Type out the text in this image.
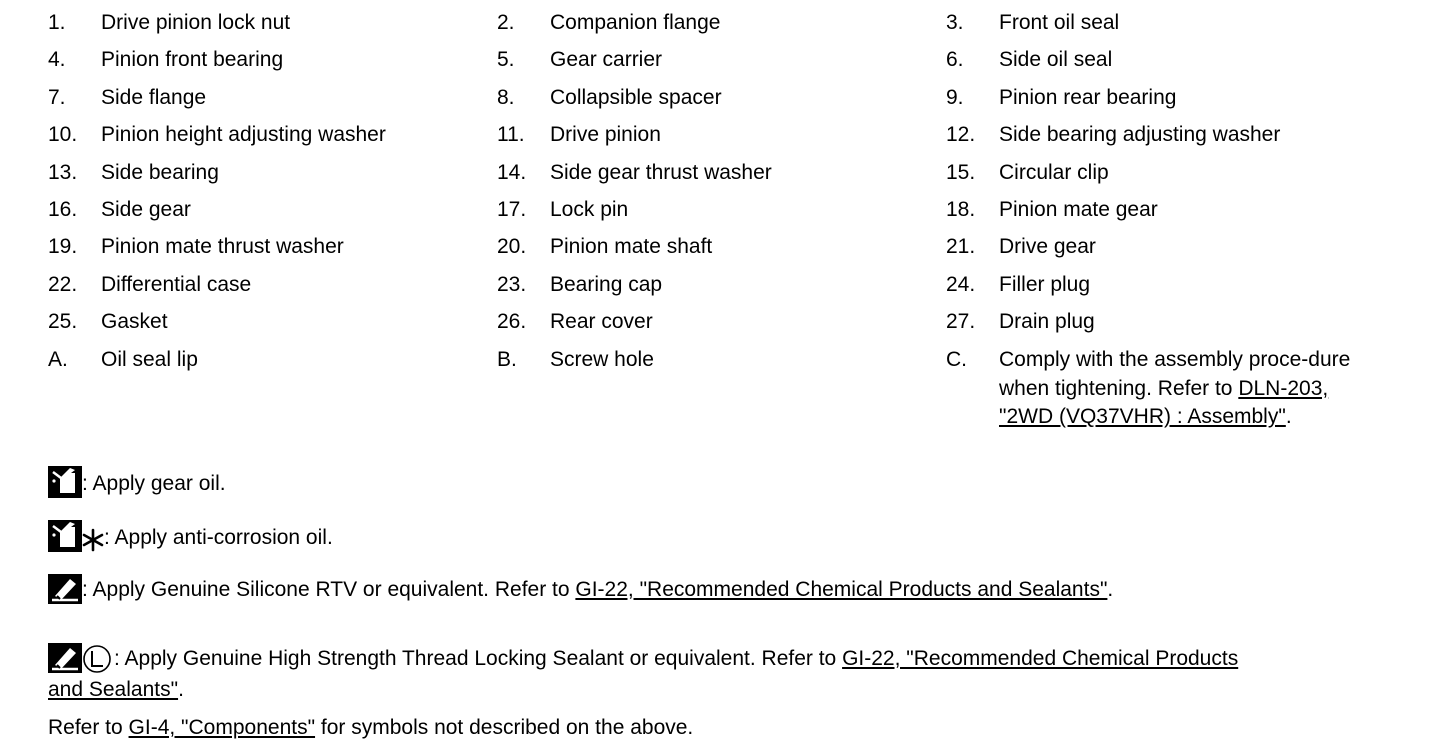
1. Drive pinion lock nut	2. Companion flange	3. Front oil seal
4. Pinion front bearing	5. Gear carrier	6. Side oil seal
7. Side flange	8. Collapsible spacer	9. Pinion rear bearing
10. Pinion height adjusting washer	11. Drive pinion	12. Side bearing adjusting washer
13. Side bearing	14. Side gear thrust washer	15. Circular clip
16. Side gear	17. Lock pin	18. Pinion mate gear
19. Pinion mate thrust washer	20. Pinion mate shaft	21. Drive gear
22. Differential case	23. Bearing cap	24. Filler plug
25. Gasket	26. Rear cover	27. Drain plug
A. Oil seal lip	B. Screw hole	C. Comply with the assembly proce-dure when tightening. Refer to DLN-203, "2WD (VQ37VHR) : Assembly".
: Apply gear oil.
: Apply anti-corrosion oil.
: Apply Genuine Silicone RTV or equivalent. Refer to GI-22, "Recommended Chemical Products and Sealants".
: Apply Genuine High Strength Thread Locking Sealant or equivalent. Refer to GI-22, "Recommended Chemical Products
and Sealants".
Refer to GI-4, "Components" for symbols not described on the above.
